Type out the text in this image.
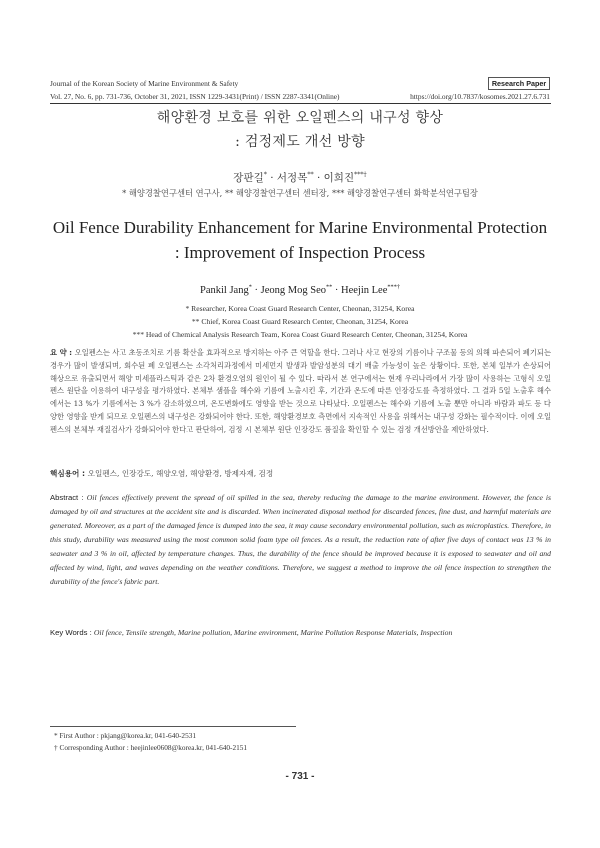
Journal of the Korean Society of Marine Environment & Safety	Research Paper
Vol. 27, No. 6, pp. 731-736, October 31, 2021, ISSN 1229-3431(Print) / ISSN 2287-3341(Online)	https://doi.org/10.7837/kosomes.2021.27.6.731
해양환경 보호를 위한 오일펜스의 내구성 향상
: 검정제도 개선 방향
장판길* · 서정목** · 이희진***†
* 해양경찰연구센터 연구사, ** 해양경찰연구센터 센터장, *** 해양경찰연구센터 화학분석연구팀장
Oil Fence Durability Enhancement for Marine Environmental Protection
: Improvement of Inspection Process
Pankil Jang* · Jeong Mog Seo** · Heejin Lee***†
* Researcher, Korea Coast Guard Research Center, Cheonan, 31254, Korea
** Chief, Korea Coast Guard Research Center, Cheonan, 31254, Korea
*** Head of Chemical Analysis Research Team, Korea Coast Guard Research Center, Cheonan, 31254, Korea
요 약 : 오일펜스는 사고 초동조치로 기름 확산을 효과적으로 방지하는 아주 큰 역할을 한다. 그러나 사고 현장의 기름이나 구조물 등의 의해 파손되어 폐기되는 경우가 많이 발생되며, 회수된 폐 오일펜스는 소각처리과정에서 미세먼지 발생과 발암성분의 대기 배출 가능성이 높은 상황이다. 또한, 본체 일부가 손상되어 해상으로 유출되면서 해양 미세플라스틱과 같은 2차 환경오염의 원인이 될 수 있다. 따라서 본 연구에서는 현재 우리나라에서 가장 많이 사용하는 고형식 오일펜스 원단을 이용하여 내구성을 평가하였다. 본체부 샘플을 해수와 기름에 노출시킨 후, 기간과 온도에 따른 인장강도를 측정하였다. 그 결과 5일 노출후 해수에서는 13 %가 기름에서는 3 %가 감소하였으며, 온도변화에도 영향을 받는 것으로 나타났다. 오일펜스는 해수와 기름에 노출 뿐만 아니라 바람과 파도 등 다양한 영향을 받게 되므로 오일펜스의 내구성은 강화되어야 한다. 또한, 해양환경보호 측면에서 지속적인 사용을 위해서는 내구성 강화는 필수적이다. 이에 오일펜스의 본체부 재질검사가 강화되어야 한다고 판단하여, 검정 시 본체부 원단 인장강도 품질을 확인할 수 있는 검정 개선방안을 제안하였다.
핵심용어 : 오일펜스, 인장강도, 해양오염, 해양환경, 방제자재, 검정
Abstract : Oil fences effectively prevent the spread of oil spilled in the sea, thereby reducing the damage to the marine environment. However, the fence is damaged by oil and structures at the accident site and is discarded. When incinerated disposal method for discarded fences, fine dust, and harmful materials are generated. Moreover, as a part of the damaged fence is dumped into the sea, it may cause secondary environmental pollution, such as microplastics. Therefore, in this study, durability was measured using the most common solid foam type oil fences. As a result, the reduction rate of after five days of contact was 13 % in seawater and 3 % in oil, affected by temperature changes. Thus, the durability of the fence should be improved because it is exposed to seawater and oil and affected by wind, light, and waves depending on the weather conditions. Therefore, we suggest a method to improve the oil fence inspection to strengthen the durability of the fence's fabric part.
Key Words : Oil fence, Tensile strength, Marine pollution, Marine environment, Marine Pollution Response Materials, Inspection
* First Author : pkjang@korea.kr, 041-640-2531
† Corresponding Author : heejinlee0608@korea.kr, 041-640-2151
- 731 -
